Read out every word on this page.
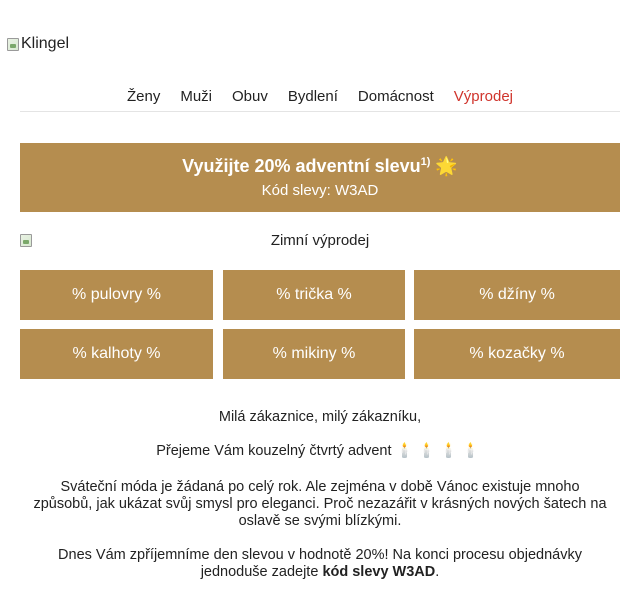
Klingel
Ženy	Muži	Obuv	Bydlení	Domácnost	Výprodej
Využijte 20% adventní slevu$^{1)}$ 🌟
Kód slevy: W3AD
Zimní výprodej
% pulovry %	% trička %	% džíny %
% kalhoty %	% mikiny %	% kozačky %
Milá zákaznice, milý zákazníku,
Přejeme Vám kouzelný čtvrtý advent 🕯️🕯️🕯️🕯️
Sváteční móda je žádaná po celý rok. Ale zejména v době Vánoc existuje mnoho způsobů, jak ukázat svůj smysl pro eleganci. Proč nezazářit v krásných nových šatech na oslavě se svými blízkými.
Dnes Vám zpříjemníme den slevou v hodnotě 20%! Na konci procesu objednávky jednoduše zadejte kód slevy W3AD.
